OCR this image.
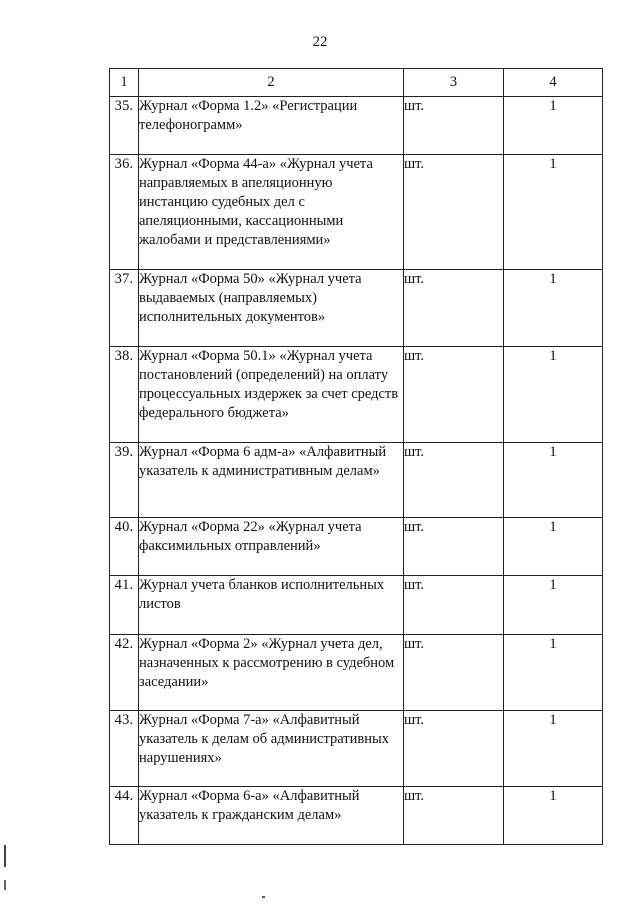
22
1	2	3	4
35.	Журнал «Форма 1.2» «Регистрации телефонограмм»	шт.	1
36.	Журнал «Форма 44-а» «Журнал учета направляемых в апеляционную инстанцию судебных дел с апеляционными, кассационными жалобами и представлениями»	шт.	1
37.	Журнал «Форма 50» «Журнал учета выдаваемых (направляемых) исполнительных документов»	шт.	1
38.	Журнал «Форма 50.1» «Журнал учета постановлений (определений) на оплату процессуальных издержек за счет средств федерального бюджета»	шт.	1
39.	Журнал «Форма 6 адм-а» «Алфавитный указатель к административным делам»	шт.	1
40.	Журнал «Форма 22» «Журнал учета факсимильных отправлений»	шт.	1
41.	Журнал учета бланков исполнительных листов	шт.	1
42.	Журнал «Форма 2» «Журнал учета дел, назначенных к рассмотрению в судебном заседании»	шт.	1
43.	Журнал «Форма 7-а» «Алфавитный указатель к делам об административных нарушениях»	шт.	1
44.	Журнал «Форма 6-а» «Алфавитный указатель к гражданским делам»	шт.	1
